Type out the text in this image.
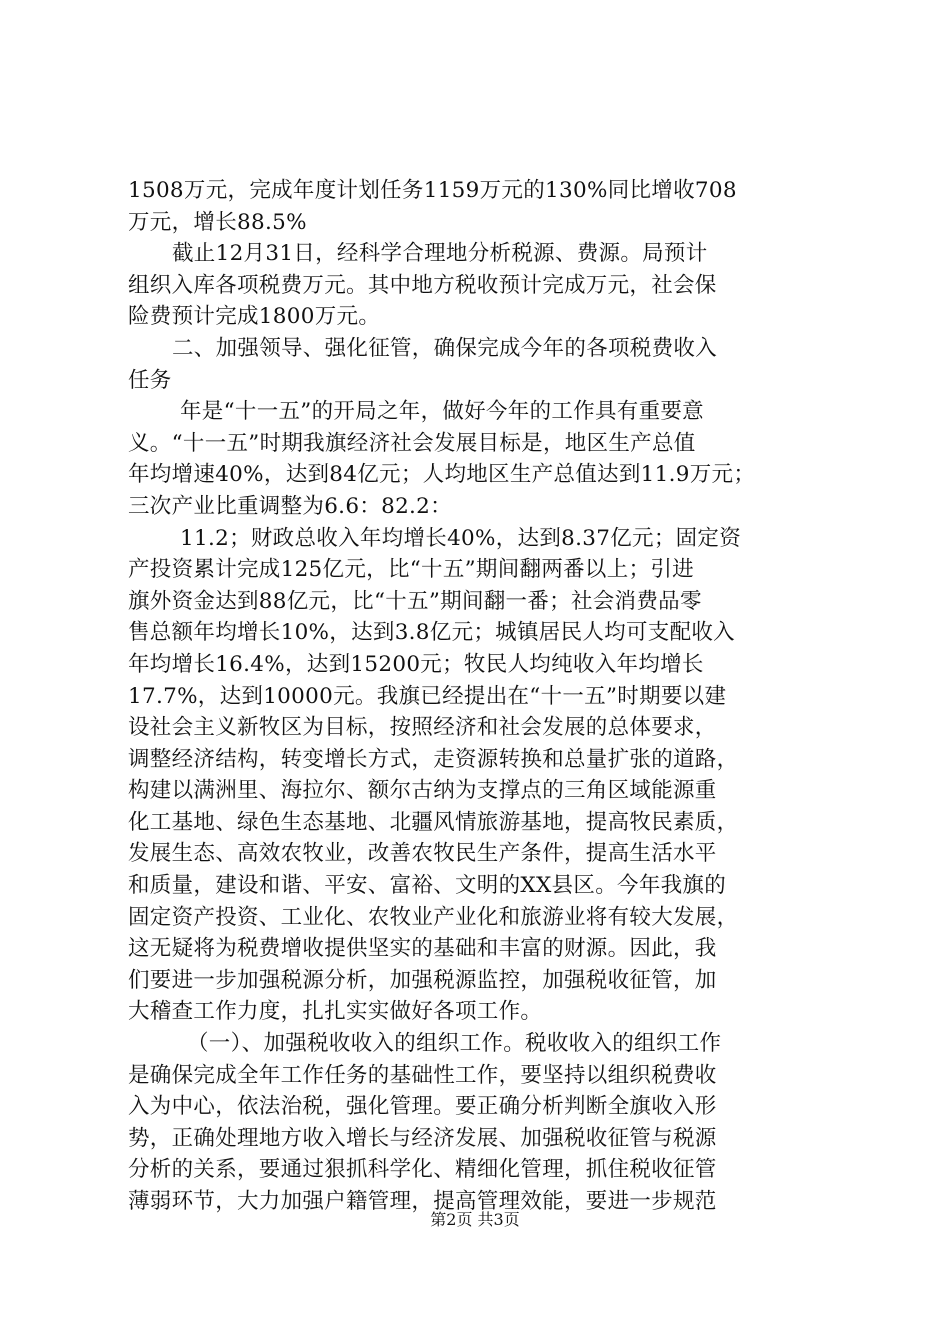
1508万元，完成年度计划任务1159万元的130%同比增收708
万元，增长88.5%
截止12月31日，经科学合理地分析税源、费源。局预计
组织入库各项税费万元。其中地方税收预计完成万元，社会保
险费预计完成1800万元。
二、加强领导、强化征管，确保完成今年的各项税费收入
任务
年是“十一五”的开局之年，做好今年的工作具有重要意
义。“十一五”时期我旗经济社会发展目标是，地区生产总值
年均增速40%，达到84亿元；人均地区生产总值达到11.9万元；
三次产业比重调整为6.6：82.2：
11.2；财政总收入年均增长40%，达到8.37亿元；固定资
产投资累计完成125亿元，比“十五”期间翻两番以上；引进
旗外资金达到88亿元，比“十五”期间翻一番；社会消费品零
售总额年均增长10%，达到3.8亿元；城镇居民人均可支配收入
年均增长16.4%，达到15200元；牧民人均纯收入年均增长
17.7%，达到10000元。我旗已经提出在“十一五”时期要以建
设社会主义新牧区为目标，按照经济和社会发展的总体要求，
调整经济结构，转变增长方式，走资源转换和总量扩张的道路，
构建以满洲里、海拉尔、额尔古纳为支撑点的三角区域能源重
化工基地、绿色生态基地、北疆风情旅游基地，提高牧民素质，
发展生态、高效农牧业，改善农牧民生产条件，提高生活水平
和质量，建设和谐、平安、富裕、文明的XX县区。今年我旗的
固定资产投资、工业化、农牧业产业化和旅游业将有较大发展，
这无疑将为税费增收提供坚实的基础和丰富的财源。因此，我
们要进一步加强税源分析，加强税源监控，加强税收征管，加
大稽查工作力度，扎扎实实做好各项工作。
（一）、加强税收收入的组织工作。税收收入的组织工作
是确保完成全年工作任务的基础性工作，要坚持以组织税费收
入为中心，依法治税，强化管理。要正确分析判断全旗收入形
势，正确处理地方收入增长与经济发展、加强税收征管与税源
分析的关系，要通过狠抓科学化、精细化管理，抓住税收征管
薄弱环节，大力加强户籍管理，提高管理效能，要进一步规范
第2页 共3页
